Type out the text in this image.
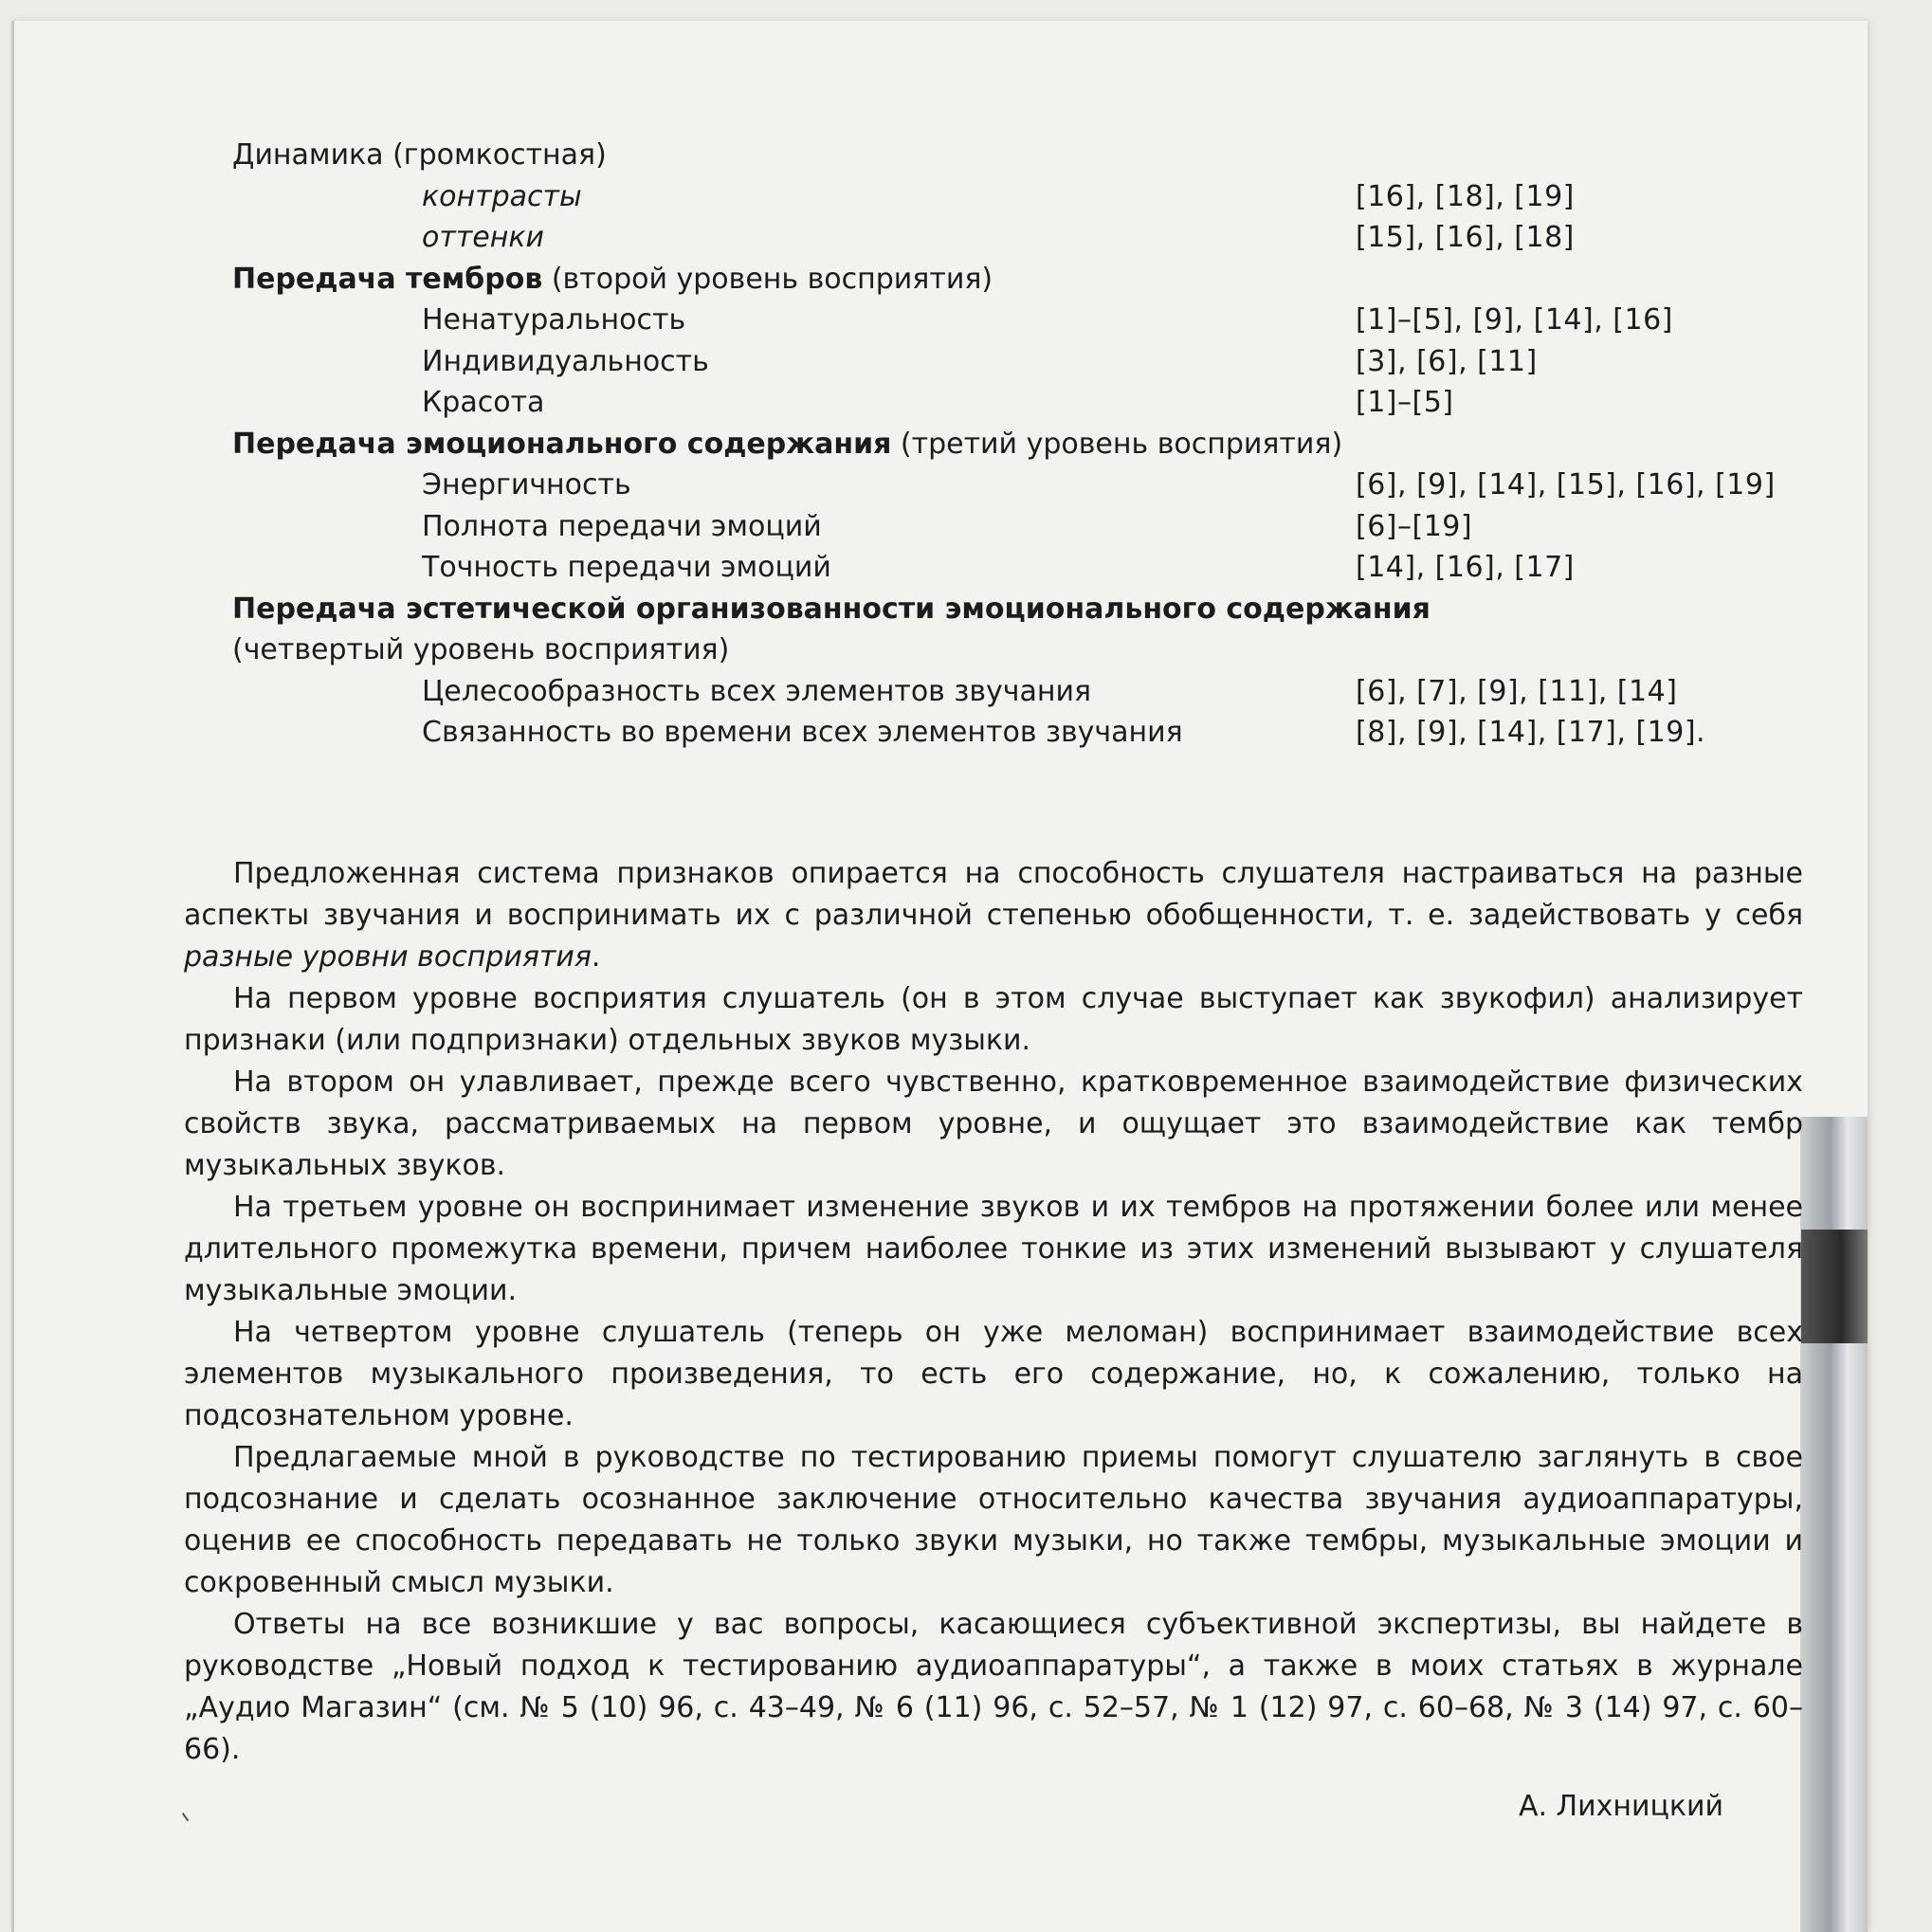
Динамика (громкостная)
контрасты	[16], [18], [19]
оттенки	[15], [16], [18]
Передача тембров (второй уровень восприятия)
Ненатуральность	[1]–[5], [9], [14], [16]
Индивидуальность	[3], [6], [11]
Красота	[1]–[5]
Передача эмоционального содержания (третий уровень восприятия)
Энергичность	[6], [9], [14], [15], [16], [19]
Полнота передачи эмоций	[6]–[19]
Точность передачи эмоций	[14], [16], [17]
Передача эстетической организованности эмоционального содержания
(четвертый уровень восприятия)
Целесообразность всех элементов звучания	[6], [7], [9], [11], [14]
Связанность во времени всех элементов звучания	[8], [9], [14], [17], [19].

Предложенная система признаков опирается на способность слушателя настраиваться на разные аспекты звучания и воспринимать их с различной степенью обобщенности, т. е. задействовать у себя разные уровни восприятия.

На первом уровне восприятия слушатель (он в этом случае выступает как звукофил) анализирует признаки (или подпризнаки) отдельных звуков музыки.

На втором он улавливает, прежде всего чувственно, кратковременное взаимодействие физических свойств звука, рассматриваемых на первом уровне, и ощущает это взаимодействие как тембр музыкальных звуков.

На третьем уровне он воспринимает изменение звуков и их тембров на протяжении более или менее длительного промежутка времени, причем наиболее тонкие из этих изменений вызывают у слушателя музыкальные эмоции.

На четвертом уровне слушатель (теперь он уже меломан) воспринимает взаимодействие всех элементов музыкального произведения, то есть его содержание, но, к сожалению, только на подсознательном уровне.

Предлагаемые мной в руководстве по тестированию приемы помогут слушателю заглянуть в свое подсознание и сделать осознанное заключение относительно качества звучания аудиоаппаратуры, оценив ее способность передавать не только звуки музыки, но также тембры, музыкальные эмоции и сокровенный смысл музыки.

Ответы на все возникшие у вас вопросы, касающиеся субъективной экспертизы, вы найдете в руководстве „Новый подход к тестированию аудиоаппаратуры“, а также в моих статьях в журнале „Аудио Магазин“ (см. № 5 (10) 96, с. 43–49, № 6 (11) 96, с. 52–57, № 1 (12) 97, с. 60–68, № 3 (14) 97, с. 60–66).

А. Лихницкий
